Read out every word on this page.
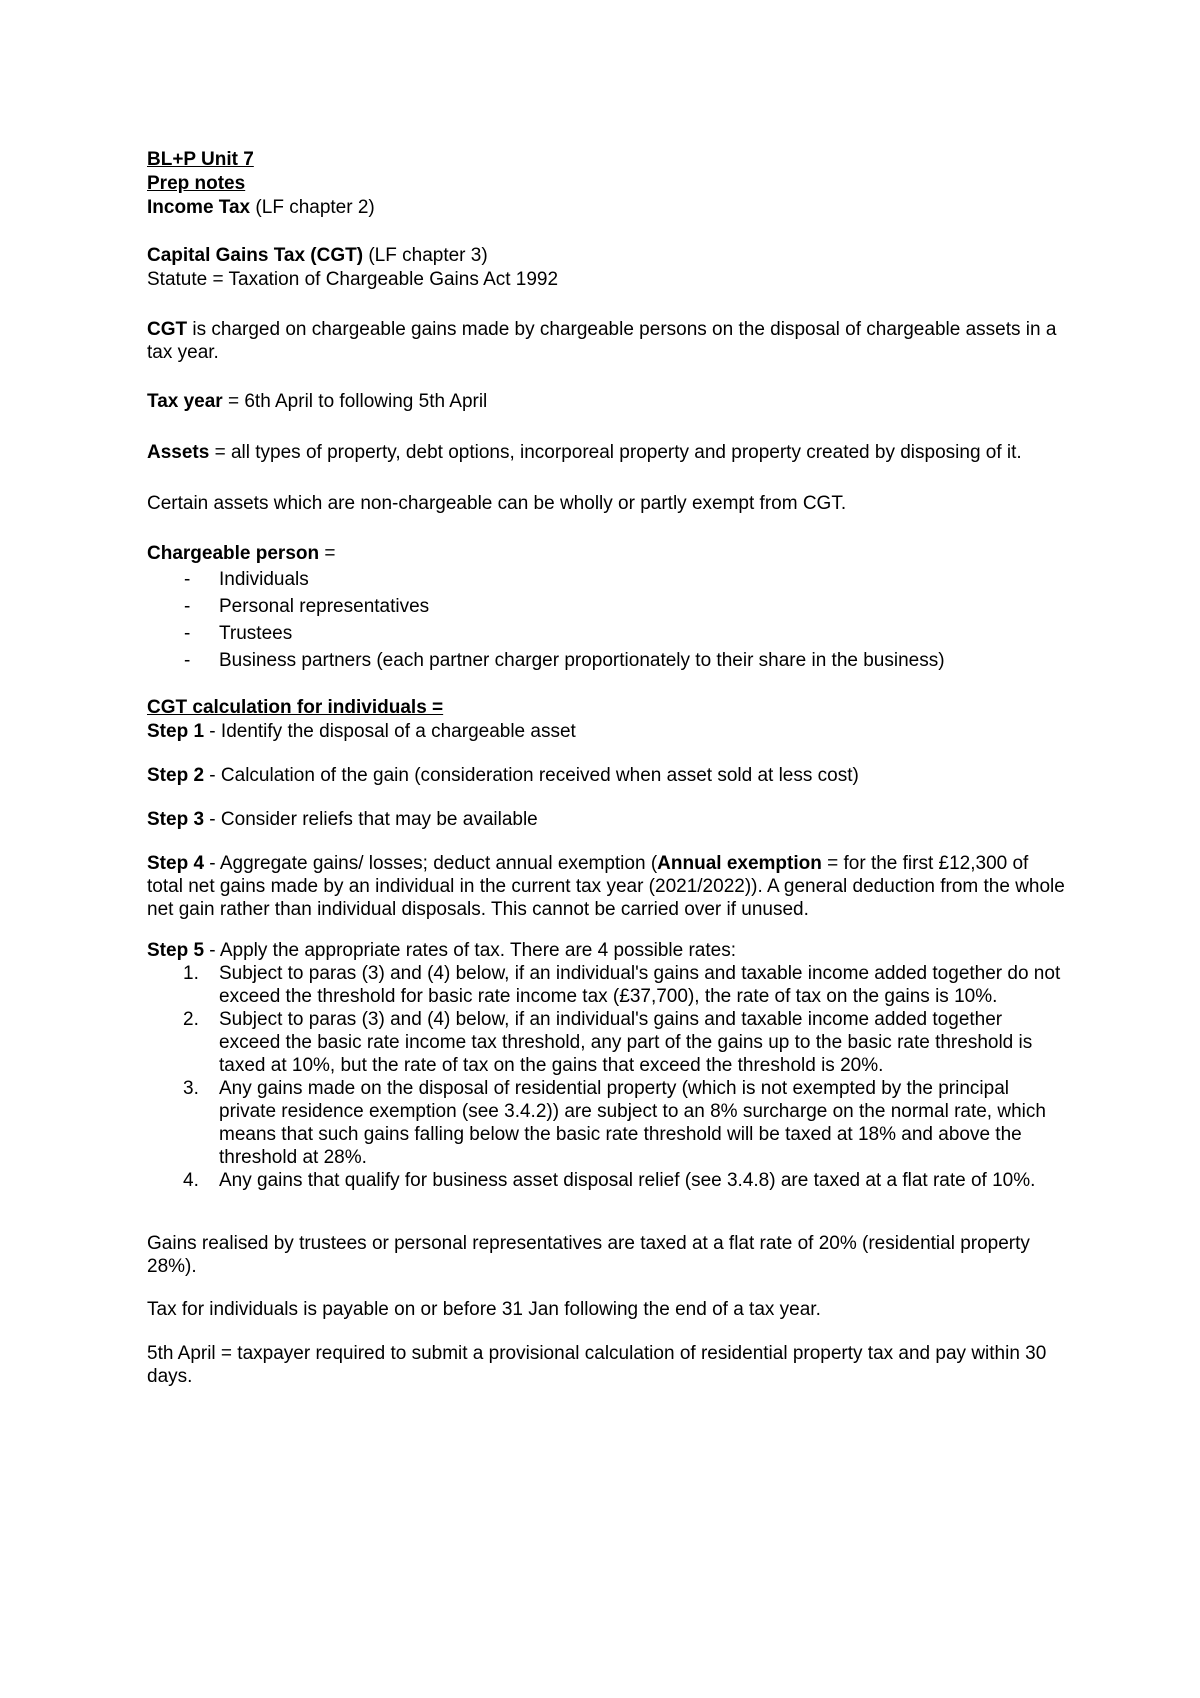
BL+P Unit 7

Prep notes

Income Tax (LF chapter 2)

Capital Gains Tax (CGT) (LF chapter 3)

Statute = Taxation of Chargeable Gains Act 1992

CGT is charged on chargeable gains made by chargeable persons on the disposal of chargeable assets in a tax year.

Tax year = 6th April to following 5th April

Assets = all types of property, debt options, incorporeal property and property created by disposing of it.

Certain assets which are non-chargeable can be wholly or partly exempt from CGT.

Chargeable person =

- Individuals
- Personal representatives
- Trustees
- Business partners (each partner charger proportionately to their share in the business)

CGT calculation for individuals =

Step 1 - Identify the disposal of a chargeable asset

Step 2 - Calculation of the gain (consideration received when asset sold at less cost)

Step 3 - Consider reliefs that may be available

Step 4 - Aggregate gains/ losses; deduct annual exemption (Annual exemption = for the first £12,300 of total net gains made by an individual in the current tax year (2021/2022)). A general deduction from the whole net gain rather than individual disposals. This cannot be carried over if unused.

Step 5 - Apply the appropriate rates of tax. There are 4 possible rates:

1. Subject to paras (3) and (4) below, if an individual's gains and taxable income added together do not exceed the threshold for basic rate income tax (£37,700), the rate of tax on the gains is 10%.
2. Subject to paras (3) and (4) below, if an individual's gains and taxable income added together exceed the basic rate income tax threshold, any part of the gains up to the basic rate threshold is taxed at 10%, but the rate of tax on the gains that exceed the threshold is 20%.
3. Any gains made on the disposal of residential property (which is not exempted by the principal private residence exemption (see 3.4.2)) are subject to an 8% surcharge on the normal rate, which means that such gains falling below the basic rate threshold will be taxed at 18% and above the threshold at 28%.
4. Any gains that qualify for business asset disposal relief (see 3.4.8) are taxed at a flat rate of 10%.

Gains realised by trustees or personal representatives are taxed at a flat rate of 20% (residential property 28%).

Tax for individuals is payable on or before 31 Jan following the end of a tax year.

5th April = taxpayer required to submit a provisional calculation of residential property tax and pay within 30 days.
